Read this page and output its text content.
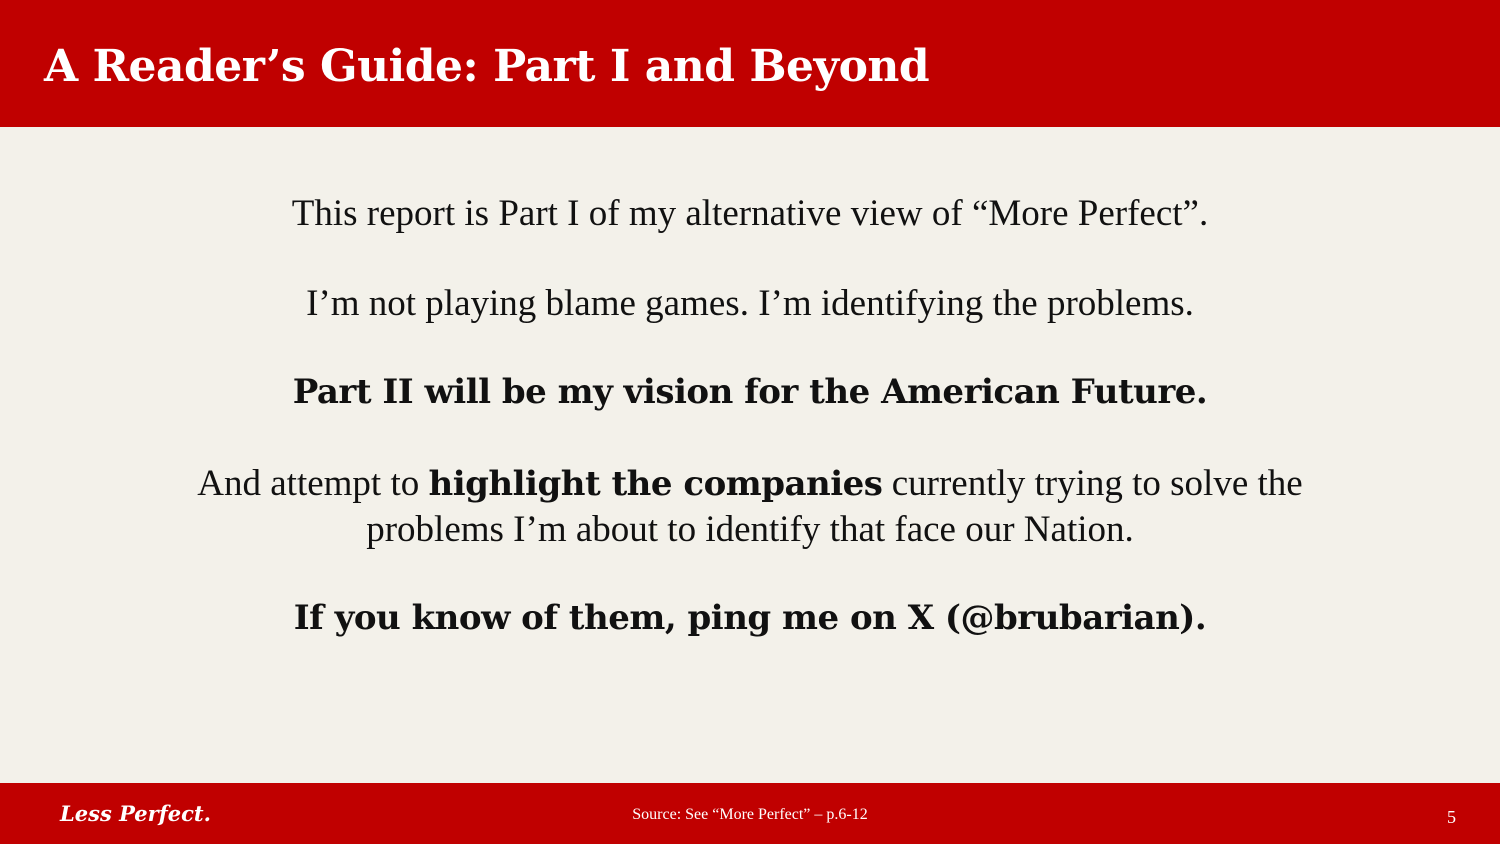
A Reader’s Guide: Part I and Beyond

This report is Part I of my alternative view of “More Perfect”.

I’m not playing blame games. I’m identifying the problems.

Part II will be my vision for the American Future.

And attempt to highlight the companies currently trying to solve the
problems I’m about to identify that face our Nation.

If you know of them, ping me on X (@brubarian).

Less Perfect.	Source: See “More Perfect” – p.6-12	5
